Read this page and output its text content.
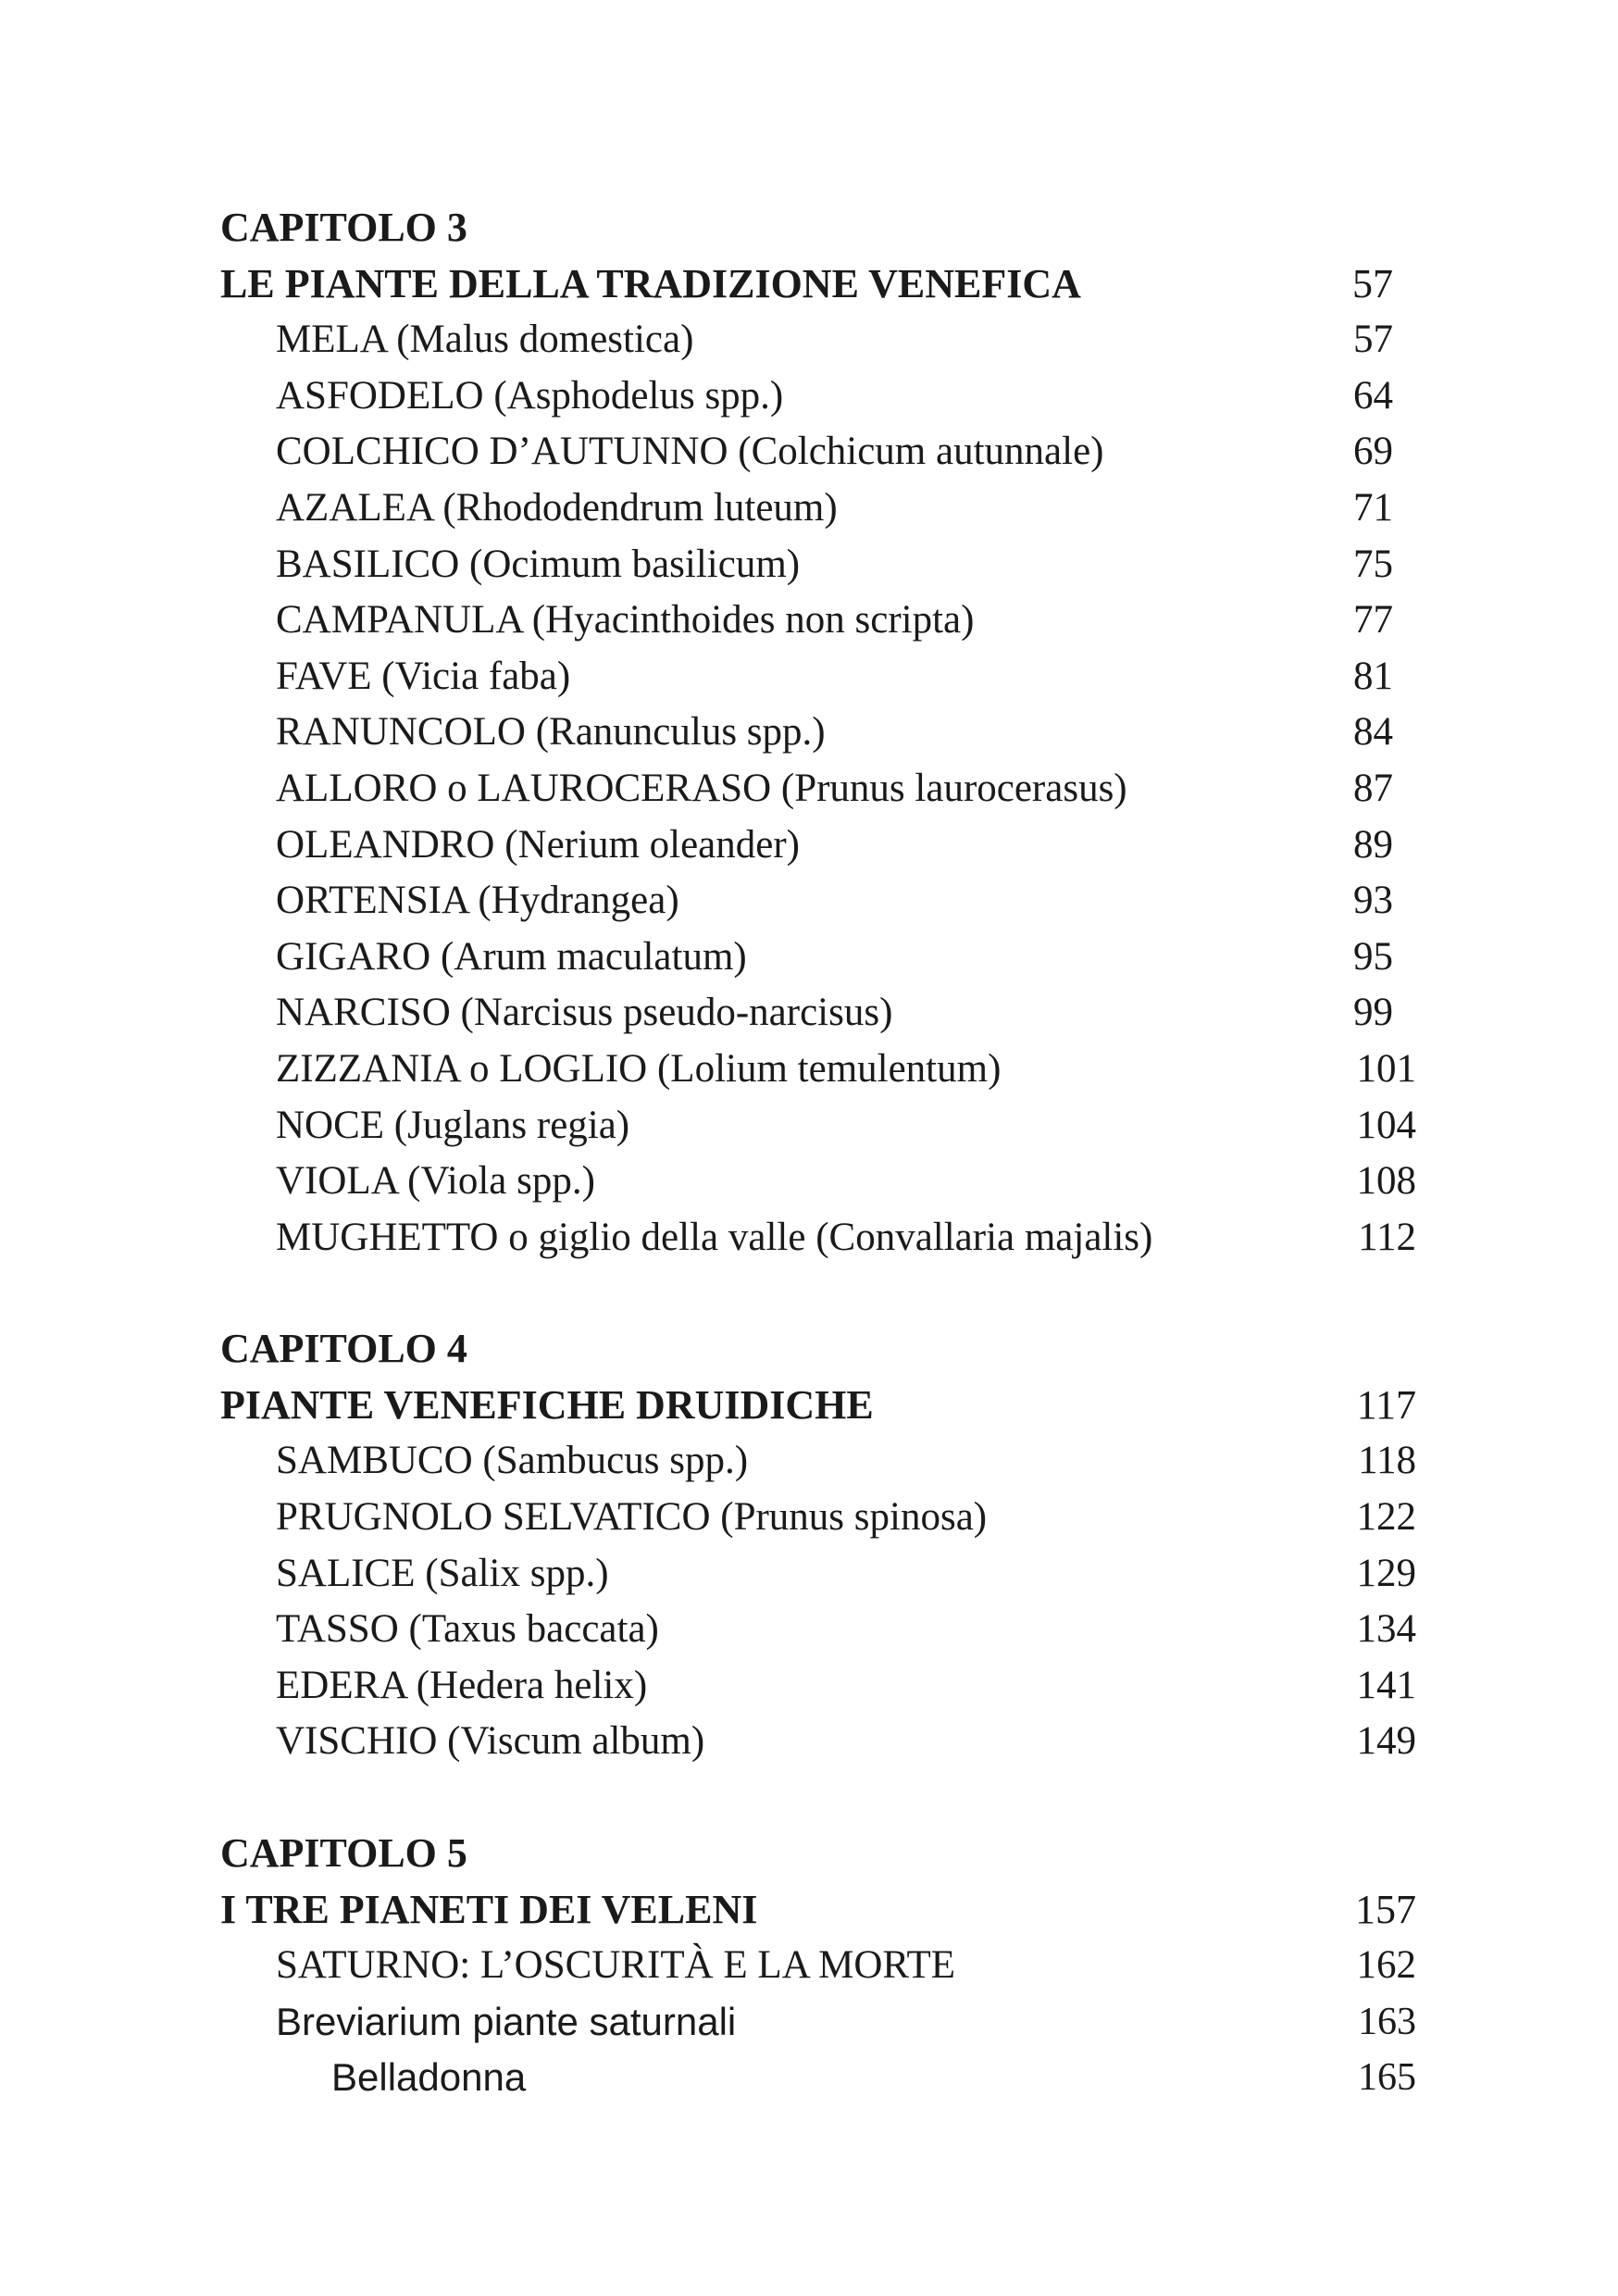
CAPITOLO 3
LE PIANTE DELLA TRADIZIONE VENEFICA	57
MELA (Malus domestica)	57
ASFODELO (Asphodelus spp.)	64
COLCHICO D’AUTUNNO (Colchicum autunnale)	69
AZALEA (Rhododendrum luteum)	71
BASILICO (Ocimum basilicum)	75
CAMPANULA (Hyacinthoides non scripta)	77
FAVE (Vicia faba)	81
RANUNCOLO (Ranunculus spp.)	84
ALLORO o LAUROCERASO (Prunus laurocerasus)	87
OLEANDRO (Nerium oleander)	89
ORTENSIA (Hydrangea)	93
GIGARO (Arum maculatum)	95
NARCISO (Narcisus pseudo-narcisus)	99
ZIZZANIA o LOGLIO (Lolium temulentum)	101
NOCE (Juglans regia)	104
VIOLA (Viola spp.)	108
MUGHETTO o giglio della valle (Convallaria majalis)	112
CAPITOLO 4
PIANTE VENEFICHE DRUIDICHE	117
SAMBUCO (Sambucus spp.)	118
PRUGNOLO SELVATICO (Prunus spinosa)	122
SALICE (Salix spp.)	129
TASSO (Taxus baccata)	134
EDERA (Hedera helix)	141
VISCHIO (Viscum album)	149
CAPITOLO 5
I TRE PIANETI DEI VELENI	157
SATURNO: L’OSCURITÀ E LA MORTE	162
Breviarium piante saturnali	163
Belladonna	165
